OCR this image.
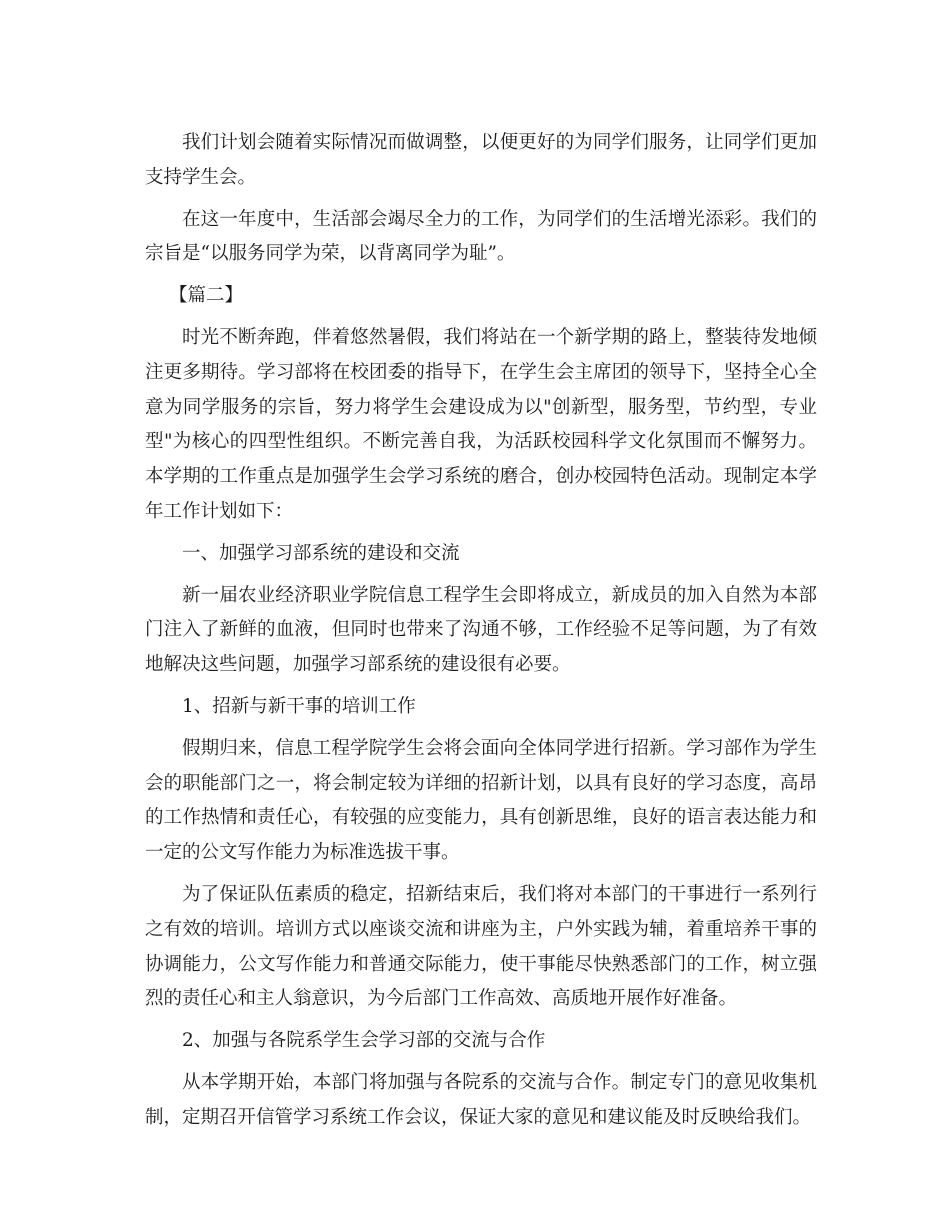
我们计划会随着实际情况而做调整，以便更好的为同学们服务，让同学们更加支持学生会。

在这一年度中，生活部会竭尽全力的工作，为同学们的生活增光添彩。我们的宗旨是“以服务同学为荣，以背离同学为耻”。

【篇二】

时光不断奔跑，伴着悠然暑假，我们将站在一个新学期的路上，整装待发地倾注更多期待。学习部将在校团委的指导下，在学生会主席团的领导下，坚持全心全意为同学服务的宗旨，努力将学生会建设成为以"创新型，服务型，节约型，专业型"为核心的四型性组织。不断完善自我，为活跃校园科学文化氛围而不懈努力。本学期的工作重点是加强学生会学习系统的磨合，创办校园特色活动。现制定本学年工作计划如下：

一、加强学习部系统的建设和交流

新一届农业经济职业学院信息工程学生会即将成立，新成员的加入自然为本部门注入了新鲜的血液，但同时也带来了沟通不够，工作经验不足等问题，为了有效地解决这些问题，加强学习部系统的建设很有必要。

1、招新与新干事的培训工作

假期归来，信息工程学院学生会将会面向全体同学进行招新。学习部作为学生会的职能部门之一，将会制定较为详细的招新计划，以具有良好的学习态度，高昂的工作热情和责任心，有较强的应变能力，具有创新思维，良好的语言表达能力和一定的公文写作能力为标准选拔干事。

为了保证队伍素质的稳定，招新结束后，我们将对本部门的干事进行一系列行之有效的培训。培训方式以座谈交流和讲座为主，户外实践为辅，着重培养干事的协调能力，公文写作能力和普通交际能力，使干事能尽快熟悉部门的工作，树立强烈的责任心和主人翁意识，为今后部门工作高效、高质地开展作好准备。

2、加强与各院系学生会学习部的交流与合作

从本学期开始，本部门将加强与各院系的交流与合作。制定专门的意见收集机制，定期召开信管学习系统工作会议，保证大家的意见和建议能及时反映给我们。
